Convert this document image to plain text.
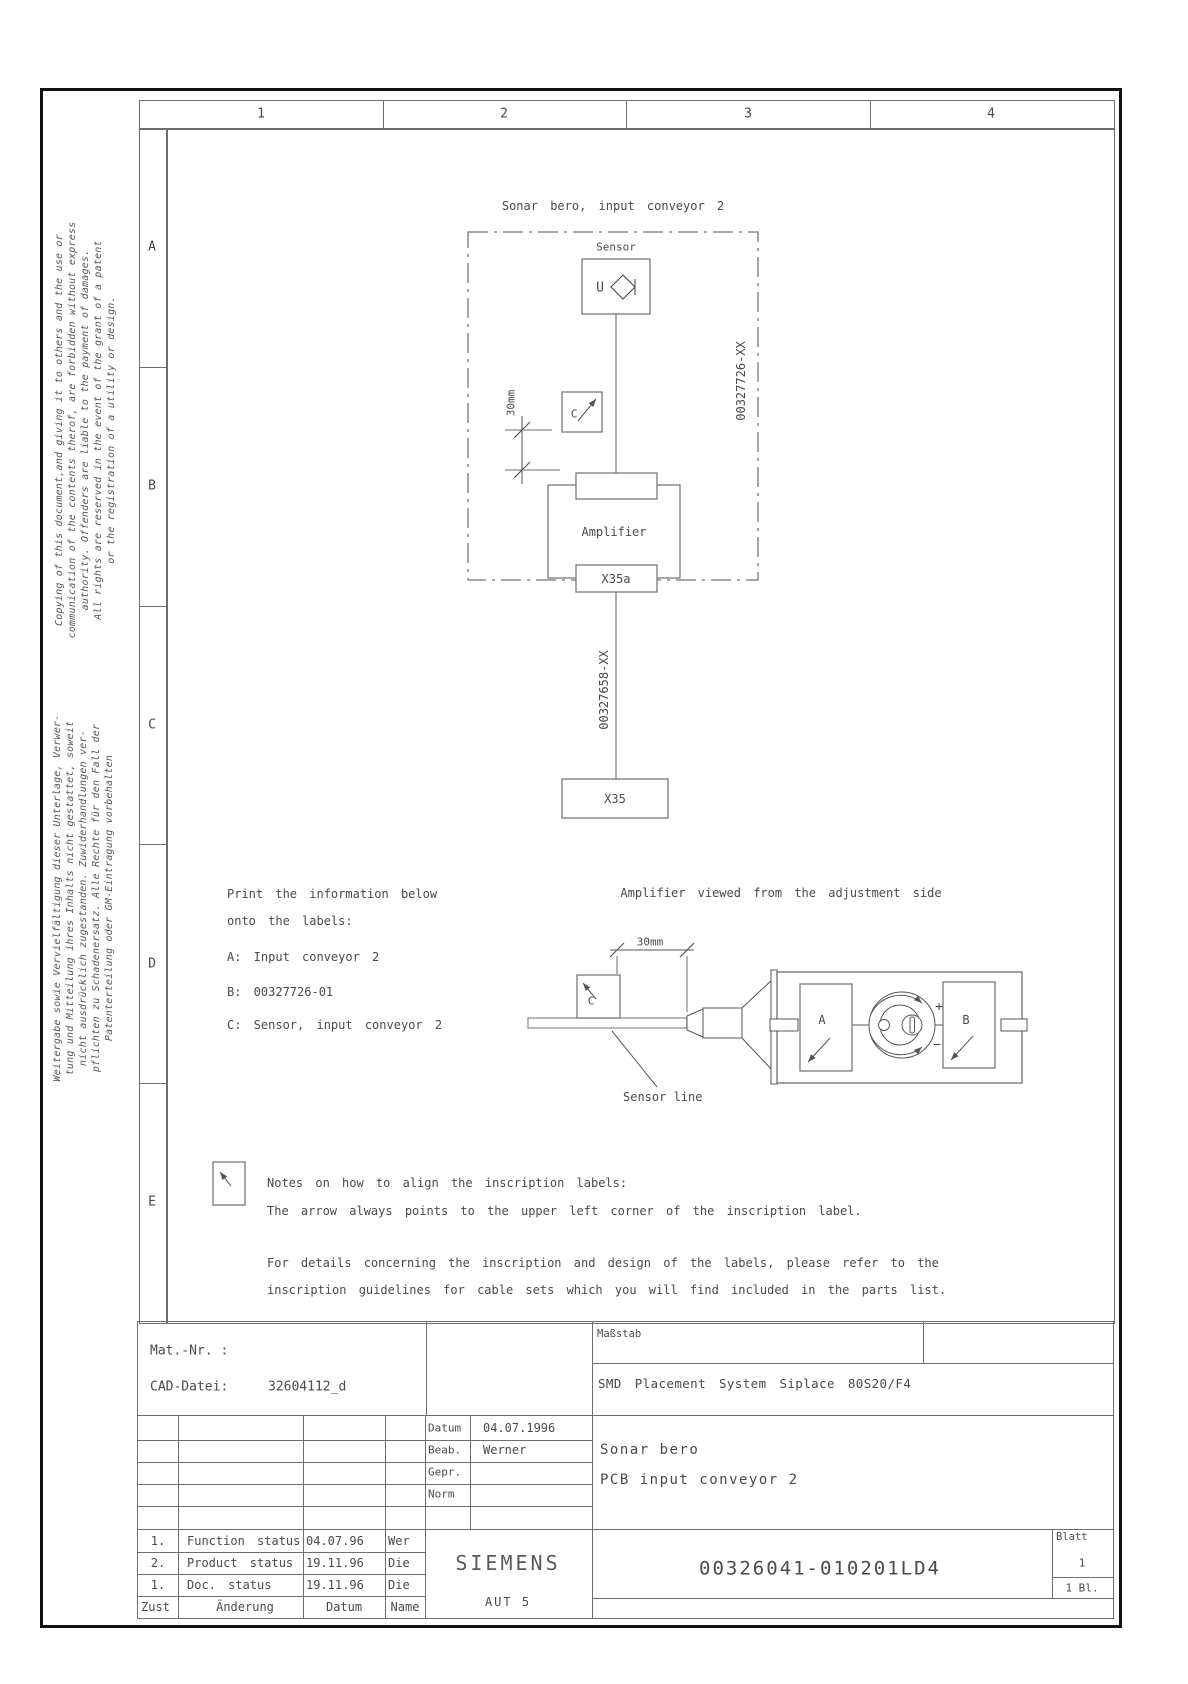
1	2	3	4
A
B
C
D
E
Copying of this document,and giving it to others and the use or communication of the contents therof, are forbidden without express authority. Offenders are liable to the payment of damages. All rights are reserved in the event of the grant of a patent or the registration of a utility or design.
Weitergabe sowie Vervielfältigung dieser Unterlage, Verwer- tung und Mitteilung ihres Inhalts nicht gestattet, soweit nicht ausdrücklich zugestanden. Zuwiderhandlungen ver- pflichten zu Schadenersatz. Alle Rechte für den Fall der Patenterteilung oder GM-Eintragung vorbehalten
Sonar bero, input conveyor 2
Sensor
U
C
30mm	00327726-XX
Amplifier
X35a
00327658-XX
X35
Print the information below
onto the labels:
A: Input conveyor 2
B: 00327726-01
C: Sensor, input conveyor 2
Amplifier viewed from the adjustment side
30mm
C
A	B
+
−
Sensor line
Notes on how to align the inscription labels:
The arrow always points to the upper left corner of the inscription label.
For details concerning the inscription and design of the labels, please refer to the
inscription guidelines for cable sets which you will find included in the parts list.
Mat.-Nr. :
CAD-Datei:	32604112_d
Maßstab
SMD Placement System Siplace 80S20/F4
Sonar bero
PCB input conveyor 2
Datum 04.07.1996
Beab. Werner
Gepr.
Norm
1. Function status 04.07.96 Wer
2. Product status 19.11.96 Die
1. Doc. status	19.11.96 Die
Zust	Änderung	Datum Name
SIEMENS
AUT 5
00326041-010201LD4
Blatt
1
1 Bl.
